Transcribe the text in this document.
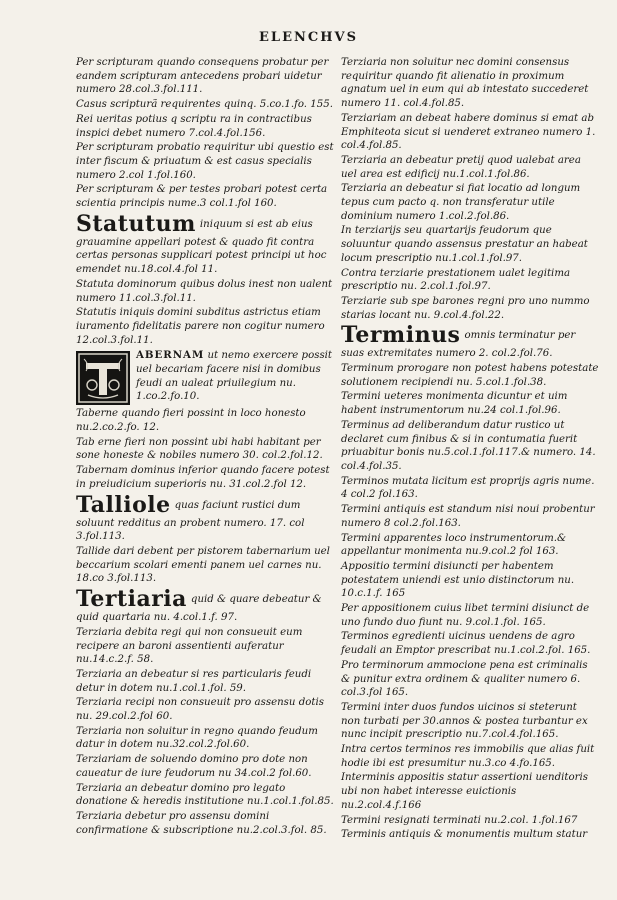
ELENCHVS

Per scripturam quando consequens probatur per eandem scripturam antecedens probari uidetur numero 28.col.3.fol.111.

Casus scripturã requirentes quinq. 5.co.1.fo. 155.

Rei ueritas potius q scriptu ra in contractibus inspici debet numero 7.col.4.fol.156.

Per scripturam probatio requiritur ubi questio est inter fiscum & priuatum & est casus specialis numero 2.col 1.fol.160.

Per scripturam & per testes probari potest certa scientia principis nume.3 col.1.fol 160.

Statutum iniquum si est ab eius grauamine appellari potest & quado fit contra certas personas supplicari potest principi ut hoc emendet nu.18.col.4.fol 11.

Statuta dominorum quibus dolus inest non ualent numero 11.col.3.fol.11.

Statutis iniquis domini subditus astrictus etiam iuramento fidelitatis parere non cogitur numero 12.col.3.fol.11.

ABERNAM ut nemo exercere possit uel becariam facere nisi in domibus feudi an ualeat priuilegium nu. 1.co.2.fo.10.

Taberne quando fieri possint in loco honesto nu.2.co.2.fo. 12.

Tab erne fieri non possint ubi habi habitant per sone honeste & nobiles numero 30. col.2.fol.12.

Tabernam dominus inferior quando facere potest in preiudicium superioris nu. 31.col.2.fol 12.

Talliole quas faciunt rustici dum soluunt redditus an probent numero. 17. col 3.fol.113.

Tallide dari debent per pistorem tabernarium uel beccarium scolari ementi panem uel carnes nu. 18.co 3.fol.113.

Tertiaria quid & quare debeatur & quid quartaria nu. 4.col.1.f. 97.

Terziaria debita regi qui non consueuit eum recipere an baroni assentienti auferatur nu.14.c.2.f. 58.

Terziaria an debeatur si res particularis feudi detur in dotem nu.1.col.1.fol. 59.

Terziaria recipi non consueuit pro assensu dotis nu. 29.col.2.fol 60.

Terziaria non soluitur in regno quando feudum datur in dotem nu.32.col.2.fol.60.

Terziariam de soluendo domino pro dote non caueatur de iure feudorum nu 34.col.2 fol.60.

Terziaria an debeatur domino pro legato donatione & heredis institutione nu.1.col.1.fol.85.

Terziaria debetur pro assensu domini confirmatione & subscriptione nu.2.col.3.fol. 85.

Terziaria non soluitur nec domini consensus requiritur quando fit alienatio in proximum agnatum uel in eum qui ab intestato succederet numero 11. col.4.fol.85.

Terziariam an debeat habere dominus si emat ab Emphiteota sicut si uenderet extraneo numero 1. col.4.fol.85.

Terziaria an debeatur pretij quod ualebat area uel area est edificij nu.1.col.1.fol.86.

Terziaria an debeatur si fiat locatio ad longum tepus cum pacto q. non transferatur utile dominium numero 1.col.2.fol.86.

In terziarijs seu quartarijs feudorum que soluuntur quando assensus prestatur an habeat locum prescriptio nu.1.col.1.fol.97.

Contra terziarie prestationem ualet legitima prescriptio nu. 2.col.1.fol.97.

Terziarie sub spe barones regni pro uno nummo starias locant nu. 9.col.4.fol.22.

Terminus omnis terminatur per suas extremitates numero 2. col.2.fol.76.

Terminum prorogare non potest habens potestate solutionem recipiendi nu. 5.col.1.fol.38.

Termini ueteres monimenta dicuntur et uim habent instrumentorum nu.24 col.1.fol.96.

Terminus ad deliberandum datur rustico ut declaret cum finibus & si in contumatia fuerit priuabitur bonis nu.5.col.1.fol.117.& numero. 14. col.4.fol.35.

Terminos mutata licitum est proprijs agris nume. 4 col.2 fol.163.

Termini antiquis est standum nisi noui probentur numero 8 col.2.fol.163.

Termini apparentes loco instrumentorum.& appellantur monimenta nu.9.col.2 fol 163.

Appositio termini disiuncti per habentem potestatem uniendi est unio distinctorum nu. 10.c.1.f. 165

Per appositionem cuius libet termini disiunct de uno fundo duo fiunt nu. 9.col.1.fol. 165.

Terminos egredienti uicinus uendens de agro feudali an Emptor prescribat nu.1.col.2.fol. 165.

Pro terminorum ammocione pena est criminalis & punitur extra ordinem & qualiter numero 6. col.3.fol 165.

Termini inter duos fundos uicinos si steterunt non turbati per 30.annos & postea turbantur ex nunc incipit prescriptio nu.7.col.4.fol.165.

Intra certos terminos res immobilis que alias fuit hodie ibi est presumitur nu.3.co 4.fo.165.

Interminis appositis statur assertioni uenditoris ubi non habet interesse euictionis nu.2.col.4.f.166

Termini resignati terminati nu.2.col. 1.fol.167

Terminis antiquis & monumentis multum statur
